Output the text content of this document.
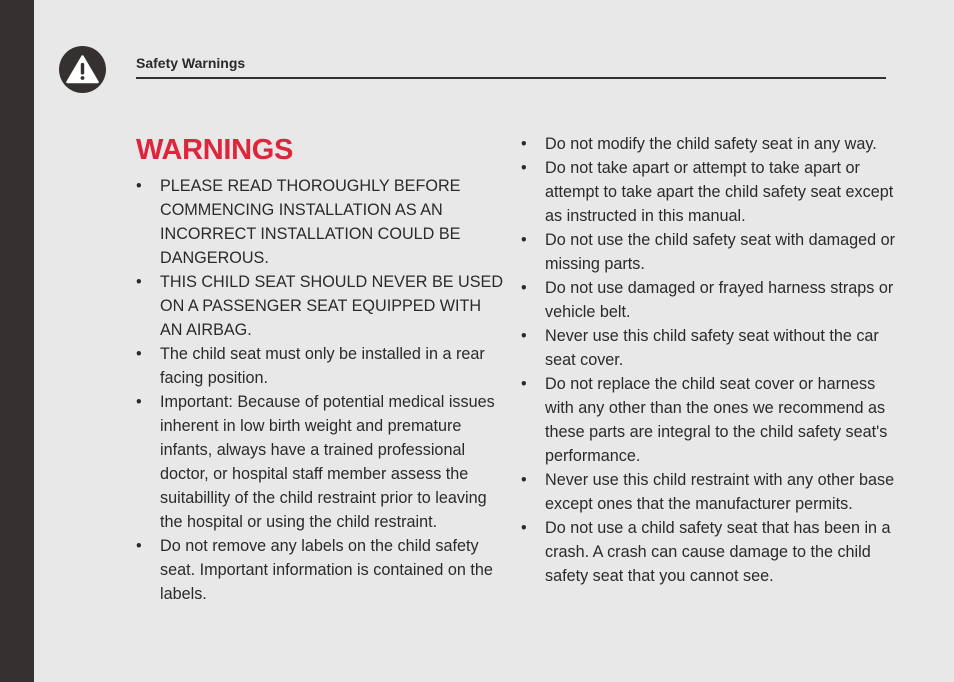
Safety Warnings
WARNINGS
• PLEASE READ THOROUGHLY BEFORE COMMENCING INSTALLATION AS AN INCORRECT INSTALLATION COULD BE DANGEROUS.
• THIS CHILD SEAT SHOULD NEVER BE USED ON A PASSENGER SEAT EQUIPPED WITH AN AIRBAG.
• The child seat must only be installed in a rear facing position.
• Important: Because of potential medical issues inherent in low birth weight and premature infants, always have a trained professional doctor, or hospital staff member assess the suitabillity of the child restraint prior to leaving the hospital or using the child restraint.
• Do not remove any labels on the child safety seat. Important information is contained on the labels.
• Do not modify the child safety seat in any way.
• Do not take apart or attempt to take apart or attempt to take apart the child safety seat except as instructed in this manual.
• Do not use the child safety seat with damaged or missing parts.
• Do not use damaged or frayed harness straps or vehicle belt.
• Never use this child safety seat without the car seat cover.
• Do not replace the child seat cover or harness with any other than the ones we recommend as these parts are integral to the child safety seat's performance.
• Never use this child restraint with any other base except ones that the manufacturer permits.
• Do not use a child safety seat that has been in a crash. A crash can cause damage to the child safety seat that you cannot see.
